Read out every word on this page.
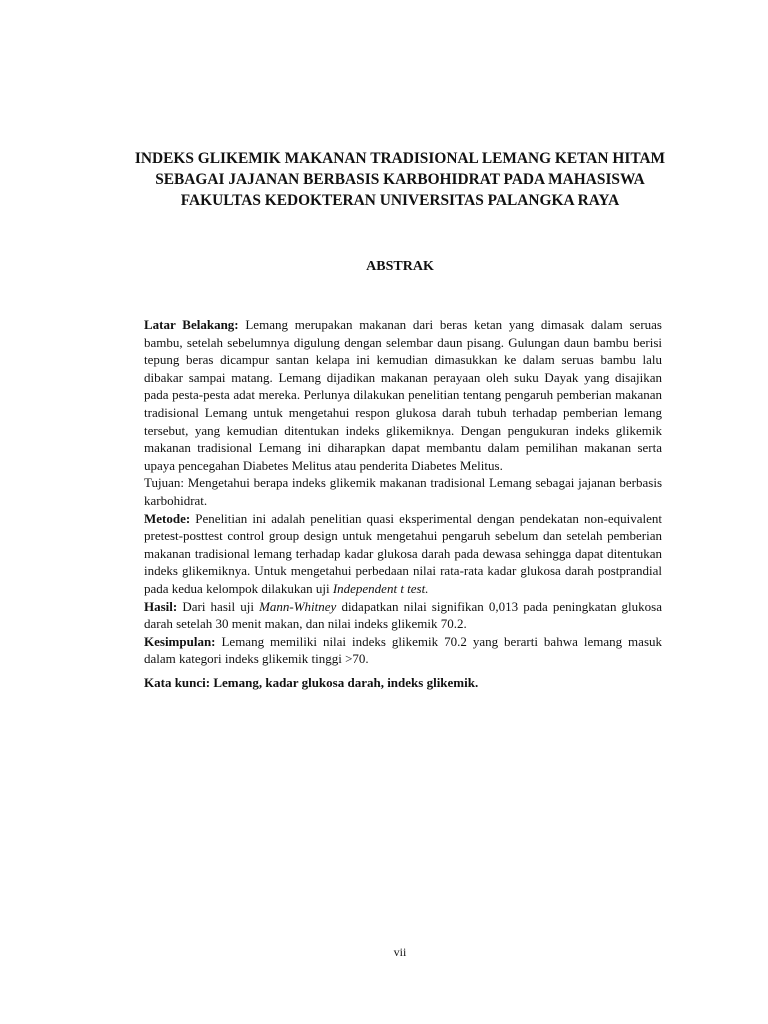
INDEKS GLIKEMIK MAKANAN TRADISIONAL LEMANG KETAN HITAM SEBAGAI JAJANAN BERBASIS KARBOHIDRAT PADA MAHASISWA FAKULTAS KEDOKTERAN UNIVERSITAS PALANGKA RAYA
ABSTRAK

Latar Belakang: Lemang merupakan makanan dari beras ketan yang dimasak dalam seruas bambu, setelah sebelumnya digulung dengan selembar daun pisang. Gulungan daun bambu berisi tepung beras dicampur santan kelapa ini kemudian dimasukkan ke dalam seruas bambu lalu dibakar sampai matang. Lemang dijadikan makanan perayaan oleh suku Dayak yang disajikan pada pesta-pesta adat mereka. Perlunya dilakukan penelitian tentang pengaruh pemberian makanan tradisional Lemang untuk mengetahui respon glukosa darah tubuh terhadap pemberian lemang tersebut, yang kemudian ditentukan indeks glikemiknya. Dengan pengukuran indeks glikemik makanan tradisional Lemang ini diharapkan dapat membantu dalam pemilihan makanan serta upaya pencegahan Diabetes Melitus atau penderita Diabetes Melitus.

Tujuan: Mengetahui berapa indeks glikemik makanan tradisional Lemang sebagai jajanan berbasis karbohidrat.

Metode: Penelitian ini adalah penelitian quasi eksperimental dengan pendekatan non-equivalent pretest-posttest control group design untuk mengetahui pengaruh sebelum dan setelah pemberian makanan tradisional lemang terhadap kadar glukosa darah pada dewasa sehingga dapat ditentukan indeks glikemiknya. Untuk mengetahui perbedaan nilai rata-rata kadar glukosa darah postprandial pada kedua kelompok dilakukan uji Independent t test.

Hasil: Dari hasil uji Mann-Whitney didapatkan nilai signifikan 0,013 pada peningkatan glukosa darah setelah 30 menit makan, dan nilai indeks glikemik 70.2.

Kesimpulan: Lemang memiliki nilai indeks glikemik 70.2 yang berarti bahwa lemang masuk dalam kategori indeks glikemik tinggi >70.

Kata kunci: Lemang, kadar glukosa darah, indeks glikemik.

vii
